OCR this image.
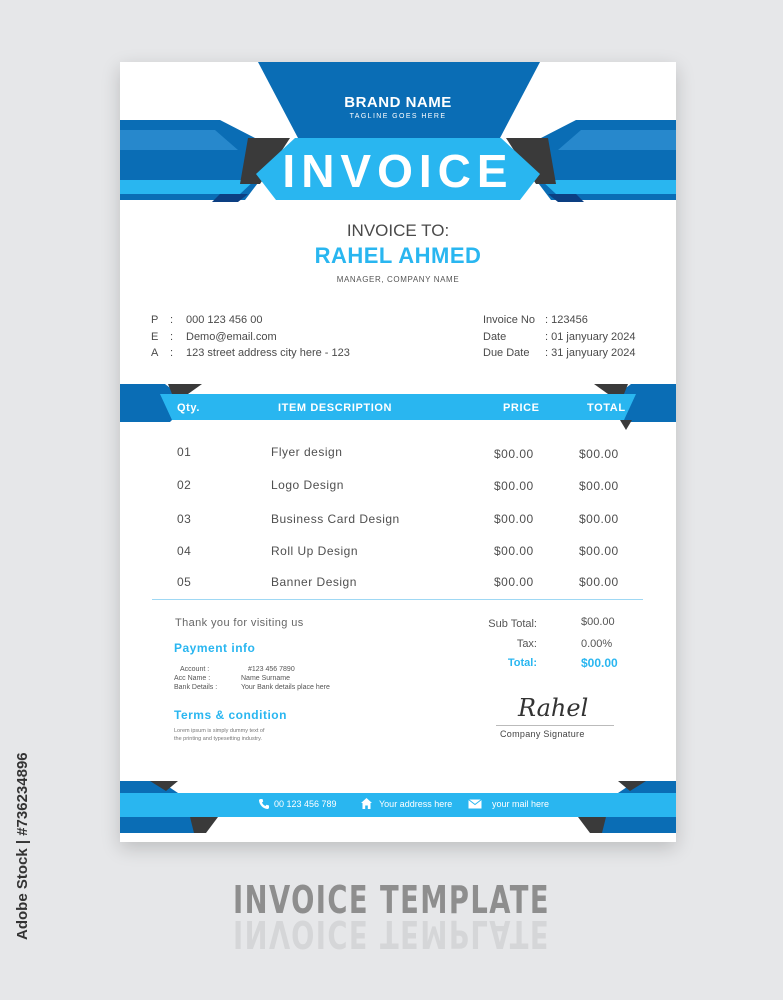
BRAND NAME
TAGLINE GOES HERE
INVOICE
INVOICE TO:
RAHEL AHMED
MANAGER, COMPANY NAME
P : 000 123 456 00
E : Demo@email.com
A : 123 street address city here - 123
Invoice No : 123456
Date	: 01 janyuary 2024
Due Date : 31 janyuary 2024
Qty.	ITEM DESCRIPTION	PRICE	TOTAL
01	Flyer design	$00.00	$00.00
02	Logo Design	$00.00	$00.00
03	Business Card Design	$00.00	$00.00
04	Roll Up Design	$00.00	$00.00
05	Banner Design	$00.00	$00.00
Thank you for visiting us
Payment info
Account :	#123 456 7890
Acc Name :	Name Surname
Bank Details :	Your Bank details place here
Terms & condition
Lorem ipsum is simply dummy text of
the printing and typesetting industry.
Sub Total:	$00.00
Tax:	0.00%
Total:	$00.00
Rahel
Company Signature
00 123 456 789	Your address here	your mail here
INVOICE TEMPLATE
INVOICE TEMPLATE
Adobe Stock | #736234896
